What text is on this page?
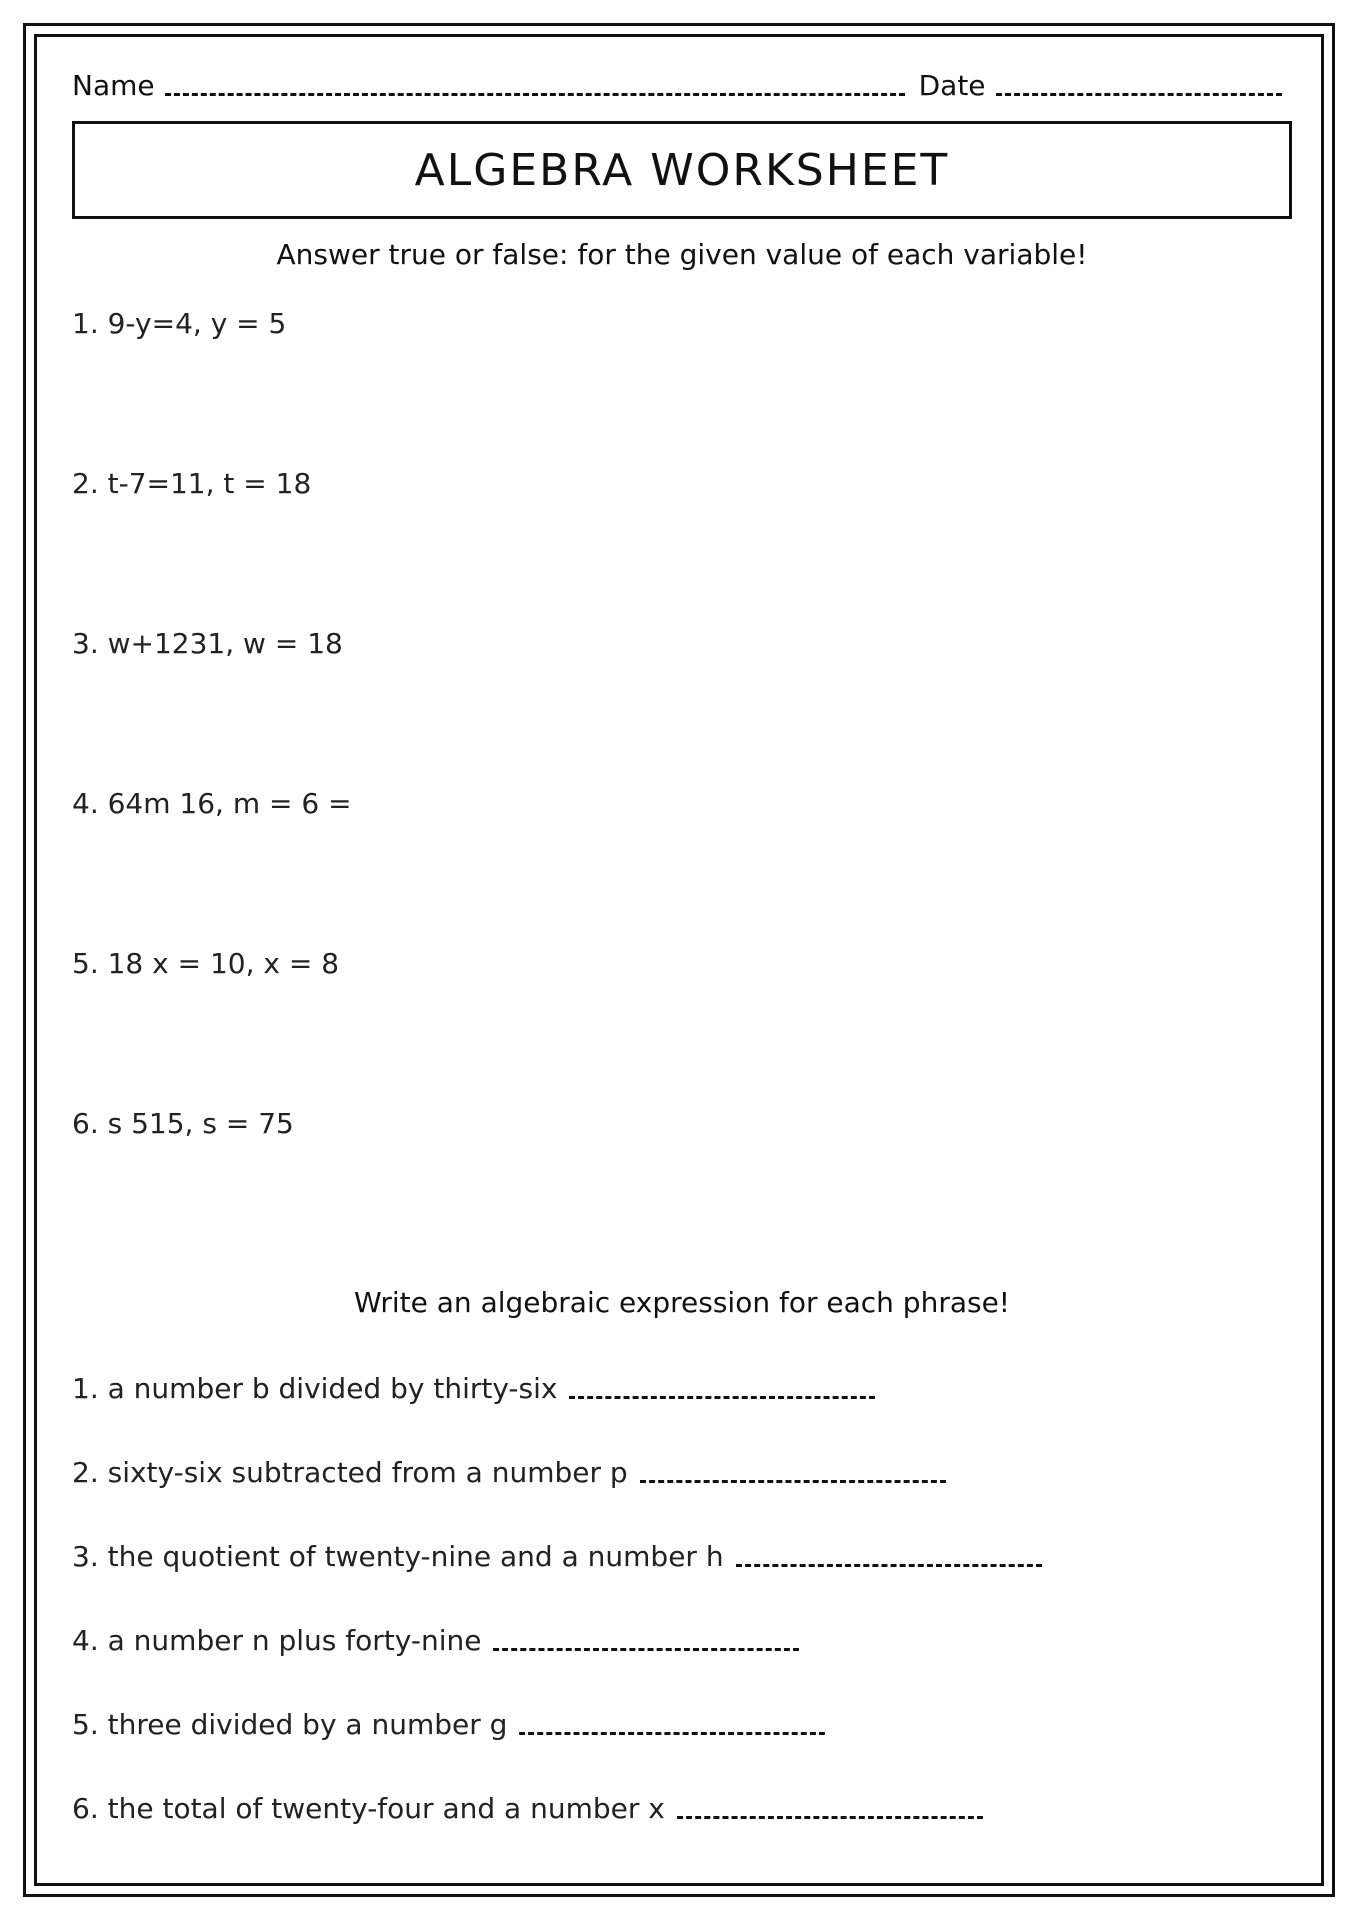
Name	Date
ALGEBRA WORKSHEET
Answer true or false: for the given value of each variable!
1. 9-y=4, y = 5
2. t-7=11, t = 18
3. w+1231, w = 18
4. 64m 16, m = 6 =
5. 18 x = 10, x = 8
6. s 515, s = 75
Write an algebraic expression for each phrase!
1. a number b divided by thirty-six
2. sixty-six subtracted from a number p
3. the quotient of twenty-nine and a number h
4. a number n plus forty-nine
5. three divided by a number g
6. the total of twenty-four and a number x
